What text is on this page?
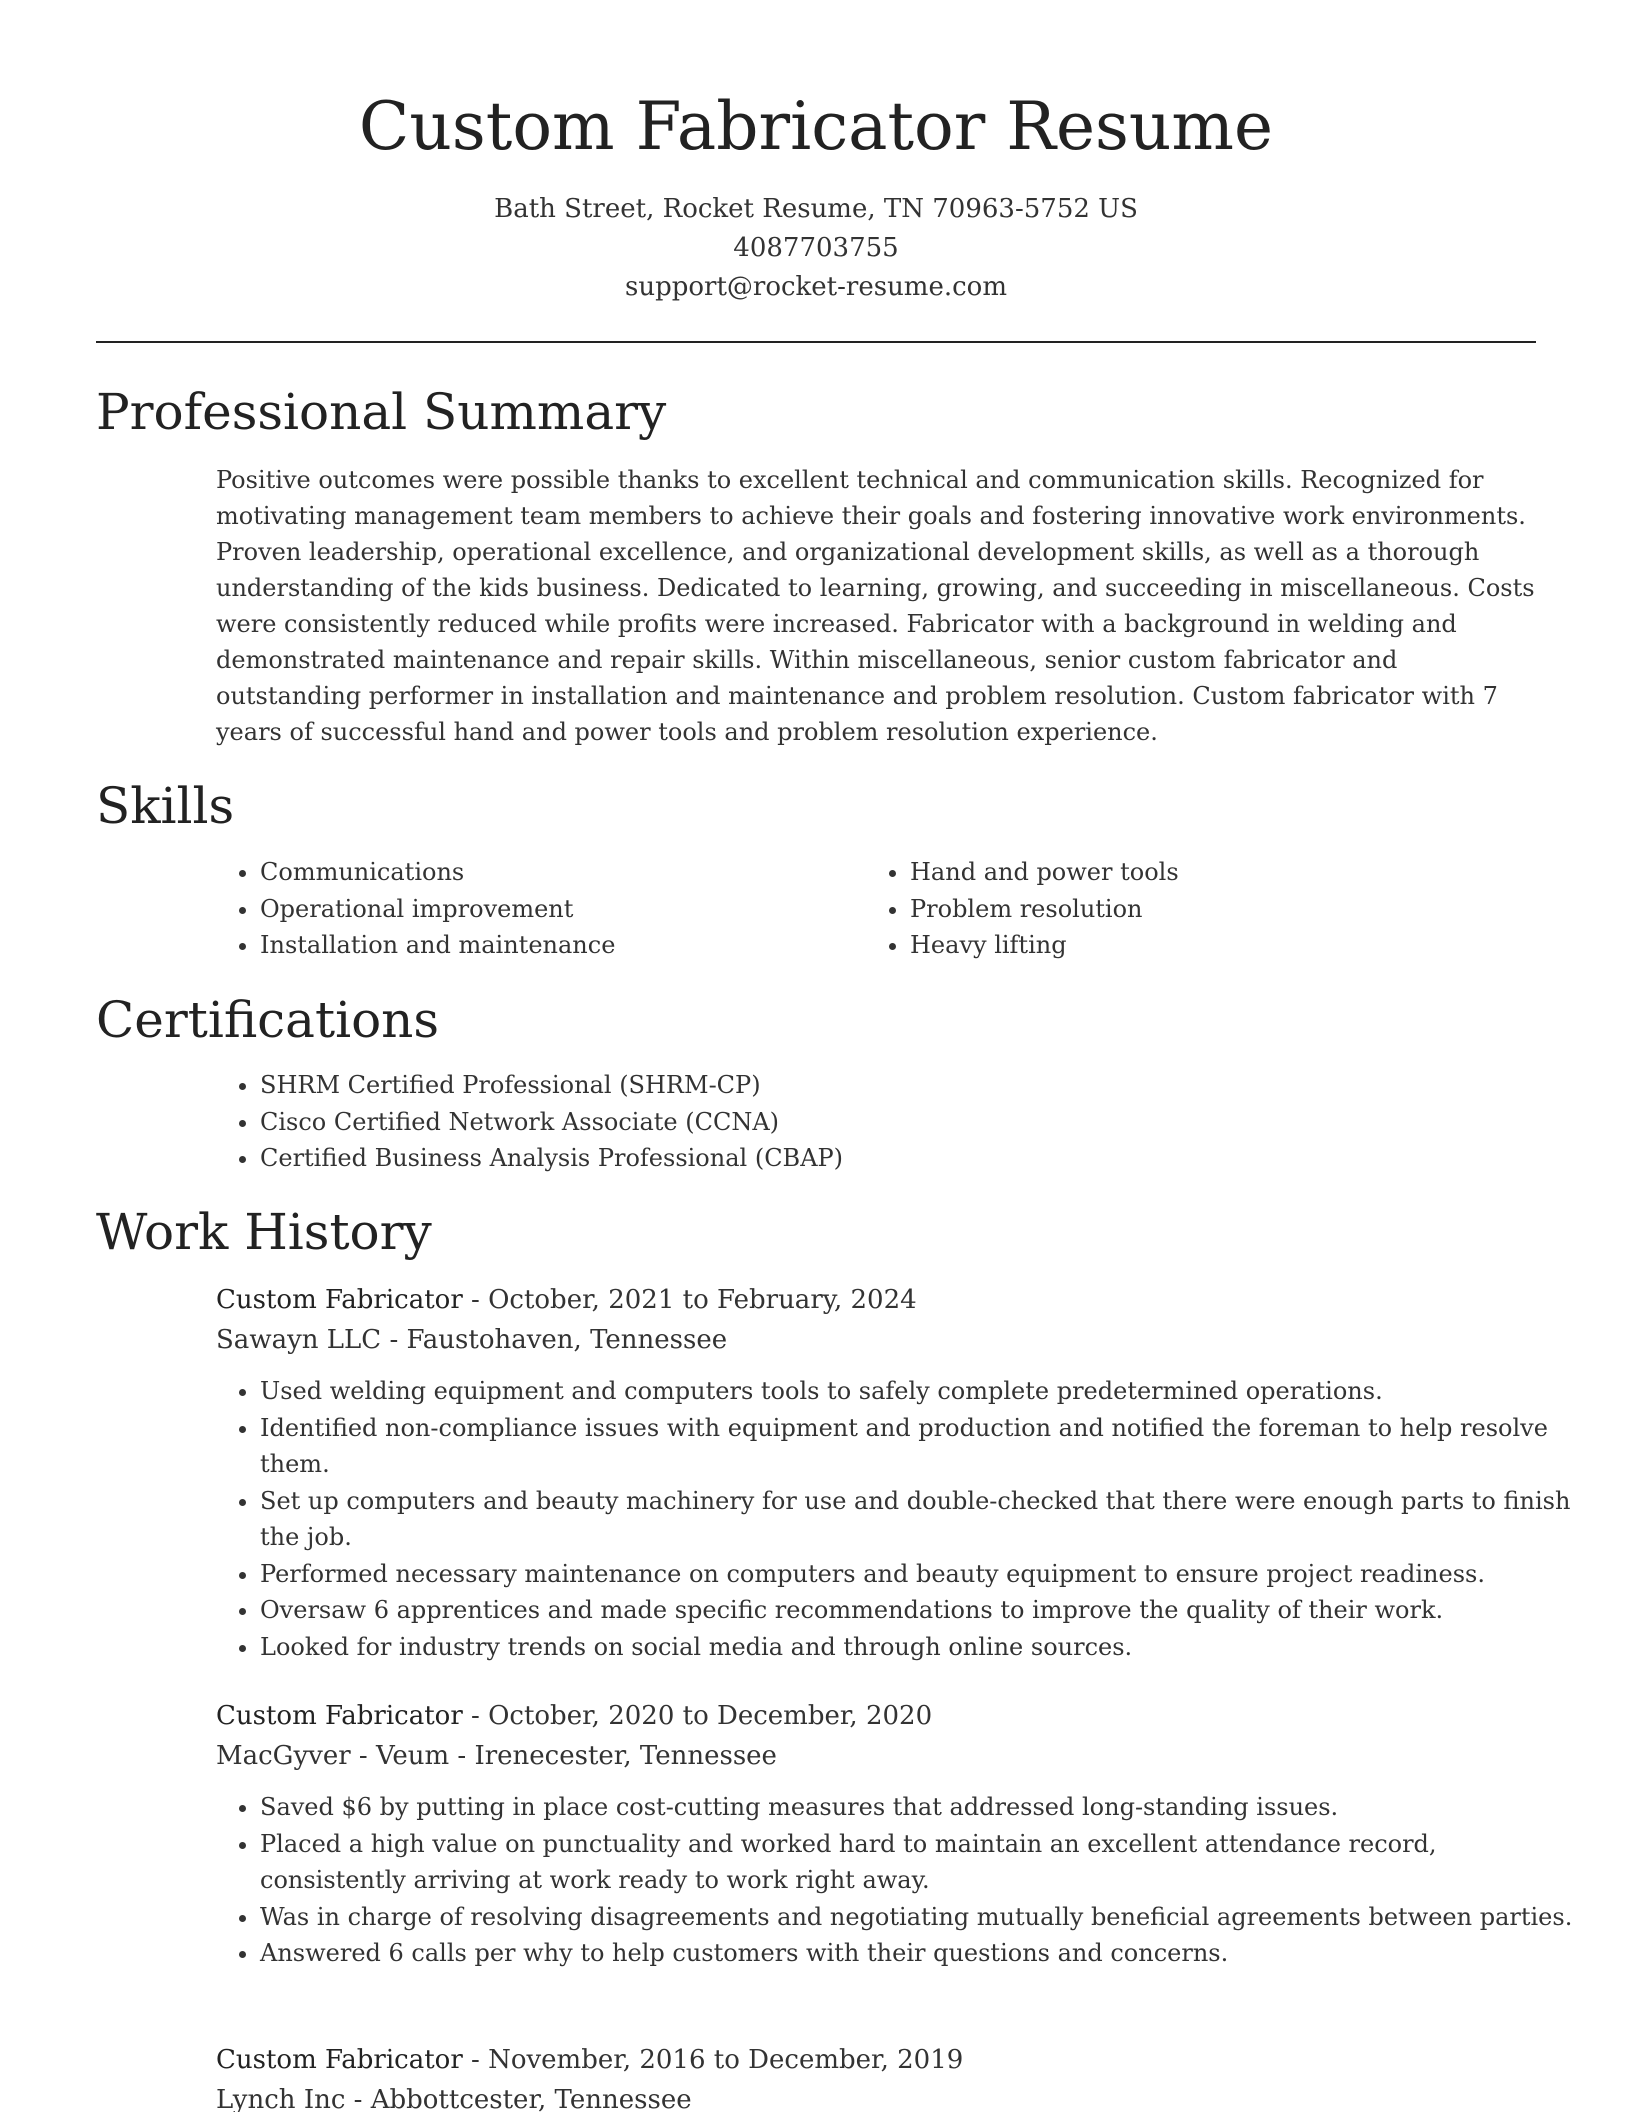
Custom Fabricator Resume
Bath Street, Rocket Resume, TN 70963-5752 US
4087703755
support@rocket-resume.com
Professional Summary

Positive outcomes were possible thanks to excellent technical and communication skills. Recognized for motivating management team members to achieve their goals and fostering innovative work environments. Proven leadership, operational excellence, and organizational development skills, as well as a thorough understanding of the kids business. Dedicated to learning, growing, and succeeding in miscellaneous. Costs were consistently reduced while profits were increased. Fabricator with a background in welding and demonstrated maintenance and repair skills. Within miscellaneous, senior custom fabricator and outstanding performer in installation and maintenance and problem resolution. Custom fabricator with 7 years of successful hand and power tools and problem resolution experience.

Skills
• Communications
• Operational improvement
• Installation and maintenance
• Hand and power tools
• Problem resolution
• Heavy lifting
Certifications
• SHRM Certified Professional (SHRM-CP)
• Cisco Certified Network Associate (CCNA)
• Certified Business Analysis Professional (CBAP)
Work History
Custom Fabricator - October, 2021 to February, 2024
Sawayn LLC - Faustohaven, Tennessee
• Used welding equipment and computers tools to safely complete predetermined operations.
• Identified non-compliance issues with equipment and production and notified the foreman to help resolve them.
• Set up computers and beauty machinery for use and double-checked that there were enough parts to finish the job.
• Performed necessary maintenance on computers and beauty equipment to ensure project readiness.
• Oversaw 6 apprentices and made specific recommendations to improve the quality of their work.
• Looked for industry trends on social media and through online sources.
Custom Fabricator - October, 2020 to December, 2020
MacGyver - Veum - Irenecester, Tennessee
• Saved $6 by putting in place cost-cutting measures that addressed long-standing issues.
• Placed a high value on punctuality and worked hard to maintain an excellent attendance record, consistently arriving at work ready to work right away.
• Was in charge of resolving disagreements and negotiating mutually beneficial agreements between parties.
• Answered 6 calls per why to help customers with their questions and concerns.
Custom Fabricator - November, 2016 to December, 2019
Lynch Inc - Abbottcester, Tennessee
